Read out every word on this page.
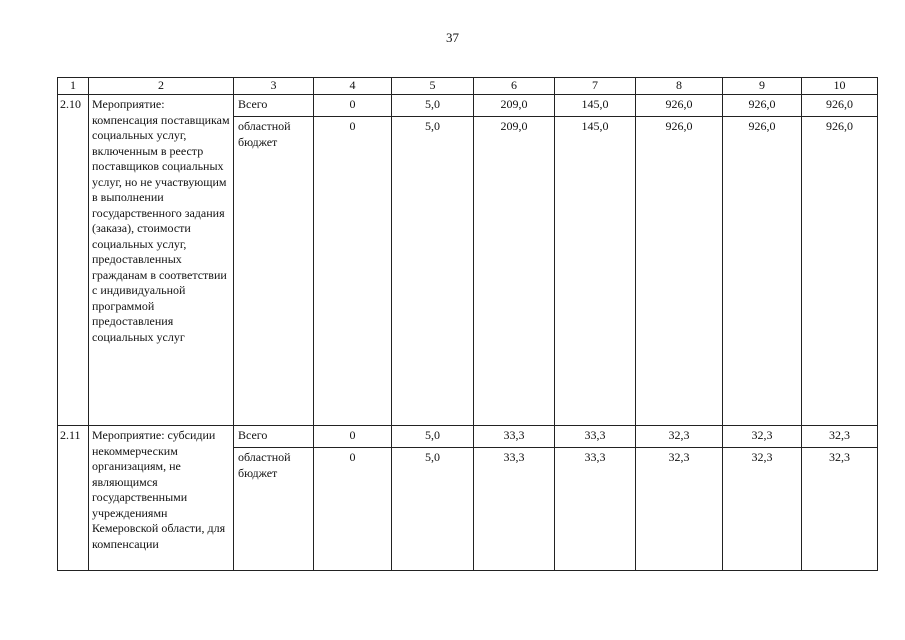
37
1	2	3	4	5	6	7	8	9	10
2.10	Мероприятие: компенсация поставщикам социальных услуг, включенным в реестр поставщиков социальных услуг, но не участвующим в выполнении государственного задания (заказа), стоимости социальных услуг, предоставленных гражданам в соответствии с индивидуальной программой предоставления социальных услуг	Всего	0	5,0	209,0	145,0	926,0	926,0	926,0
		областной бюджет	0	5,0	209,0	145,0	926,0	926,0	926,0
2.11	Мероприятие: субсидии некоммерческим организациям, не являющимся государственными учреждениямн Кемеровской области, для компенсации	Всего	0	5,0	33,3	33,3	32,3	32,3	32,3
		областной бюджет	0	5,0	33,3	33,3	32,3	32,3	32,3
